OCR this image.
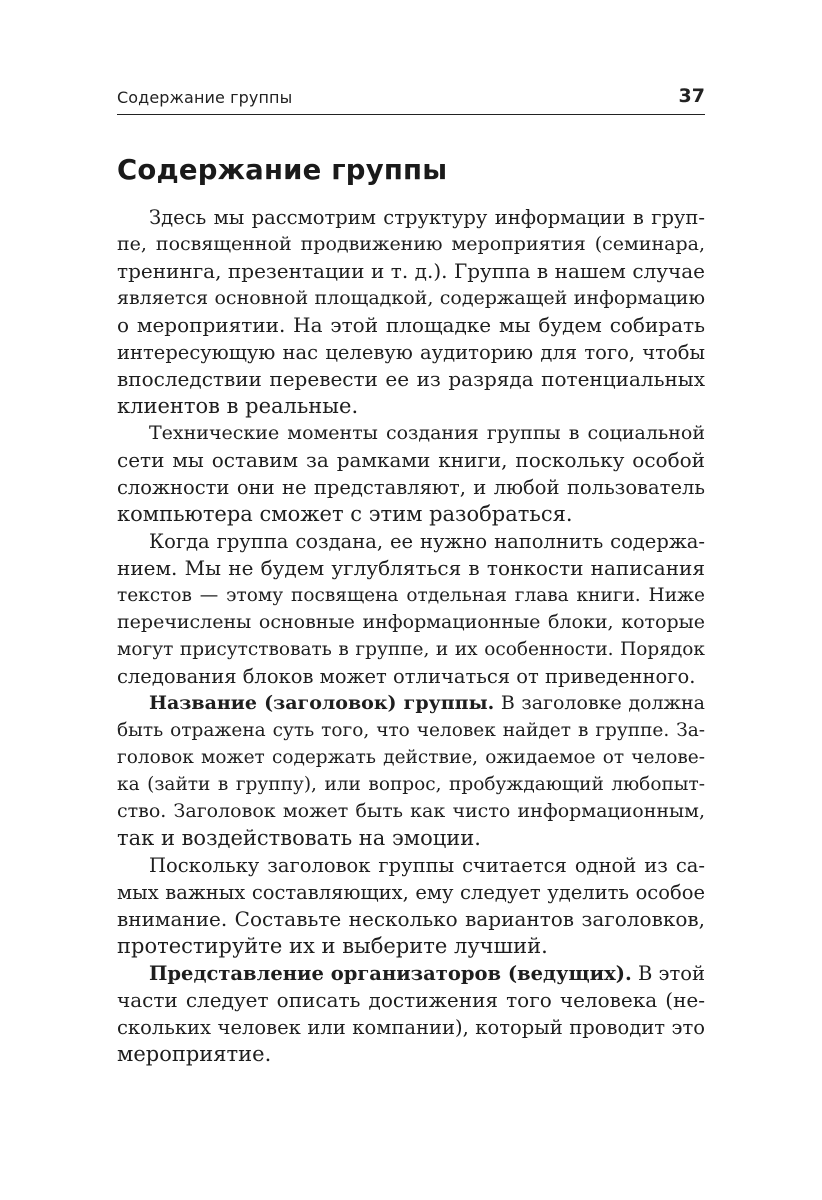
Содержание группы	37
Содержание группы
Здесь мы рассмотрим структуру информации в груп-
пе, посвященной продвижению мероприятия (семинара,
тренинга, презентации и т. д.). Группа в нашем случае
является основной площадкой, содержащей информацию
о мероприятии. На этой площадке мы будем собирать
интересующую нас целевую аудиторию для того, чтобы
впоследствии перевести ее из разряда потенциальных
клиентов в реальные.
Технические моменты создания группы в социальной
сети мы оставим за рамками книги, поскольку особой
сложности они не представляют, и любой пользователь
компьютера сможет с этим разобраться.
Когда группа создана, ее нужно наполнить содержа-
нием. Мы не будем углубляться в тонкости написания
текстов — этому посвящена отдельная глава книги. Ниже
перечислены основные информационные блоки, которые
могут присутствовать в группе, и их особенности. Порядок
следования блоков может отличаться от приведенного.
Название (заголовок) группы. В заголовке должна
быть отражена суть того, что человек найдет в группе. За-
головок может содержать действие, ожидаемое от челове-
ка (зайти в группу), или вопрос, пробуждающий любопыт-
ство. Заголовок может быть как чисто информационным,
так и воздействовать на эмоции.
Поскольку заголовок группы считается одной из са-
мых важных составляющих, ему следует уделить особое
внимание. Составьте несколько вариантов заголовков,
протестируйте их и выберите лучший.
Представление организаторов (ведущих). В этой
части следует описать достижения того человека (не-
скольких человек или компании), который проводит это
мероприятие.
